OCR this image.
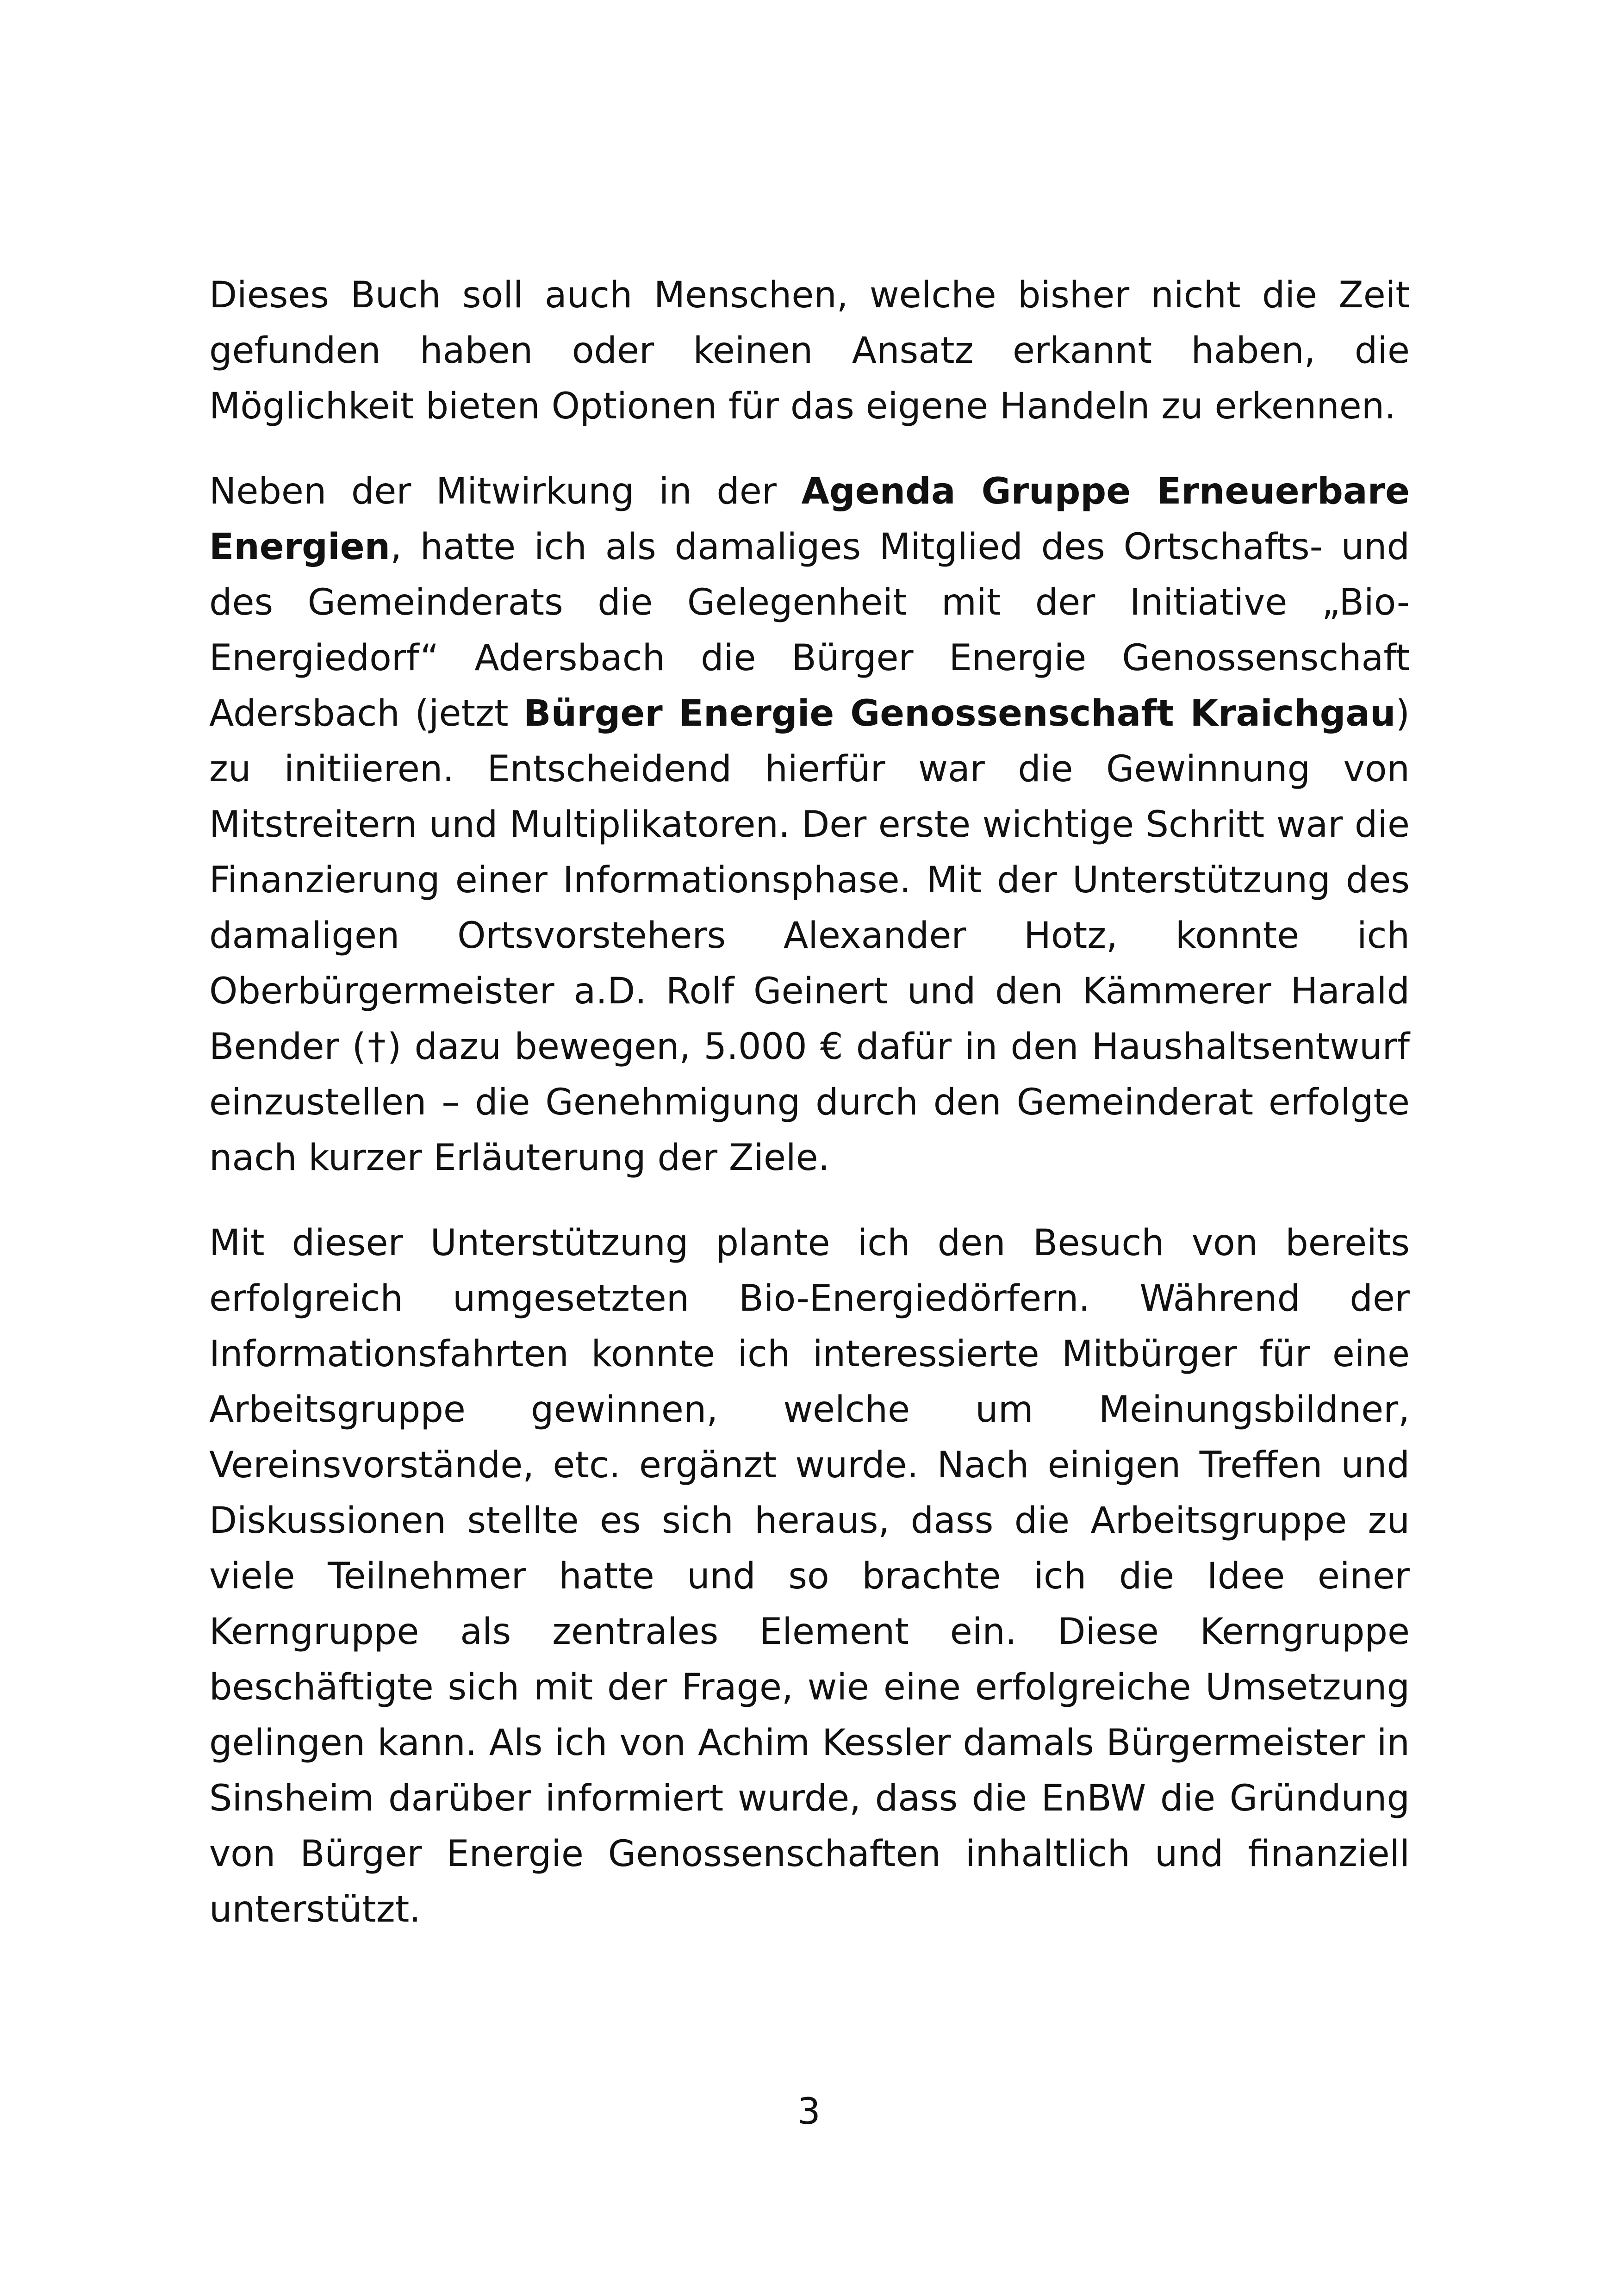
Dieses Buch soll auch Menschen, welche bisher nicht die Zeit gefunden haben oder keinen Ansatz erkannt haben, die Möglichkeit bieten Optionen für das eigene Handeln zu erkennen.

Neben der Mitwirkung in der Agenda Gruppe Erneuerbare Energien, hatte ich als damaliges Mitglied des Ortschafts- und des Gemeinderats die Gelegenheit mit der Initiative „Bio-Energiedorf“ Adersbach die Bürger Energie Genossenschaft Adersbach (jetzt Bürger Energie Genossenschaft Kraichgau) zu initiieren. Entscheidend hierfür war die Gewinnung von Mitstreitern und Multiplikatoren. Der erste wichtige Schritt war die Finanzierung einer Informationsphase. Mit der Unterstützung des damaligen Ortsvorstehers Alexander Hotz, konnte ich Oberbürgermeister a.D. Rolf Geinert und den Kämmerer Harald Bender (†) dazu bewegen, 5.000 € dafür in den Haushaltsentwurf einzustellen – die Genehmigung durch den Gemeinderat erfolgte nach kurzer Erläuterung der Ziele.

Mit dieser Unterstützung plante ich den Besuch von bereits erfolgreich umgesetzten Bio-Energiedörfern. Während der Informationsfahrten konnte ich interessierte Mitbürger für eine Arbeitsgruppe gewinnen, welche um Meinungsbildner, Vereinsvorstände, etc. ergänzt wurde. Nach einigen Treffen und Diskussionen stellte es sich heraus, dass die Arbeitsgruppe zu viele Teilnehmer hatte und so brachte ich die Idee einer Kerngruppe als zentrales Element ein. Diese Kerngruppe beschäftigte sich mit der Frage, wie eine erfolgreiche Umsetzung gelingen kann. Als ich von Achim Kessler damals Bürgermeister in Sinsheim darüber informiert wurde, dass die EnBW die Gründung von Bürger Energie Genossenschaften inhaltlich und finanziell unterstützt.

3
